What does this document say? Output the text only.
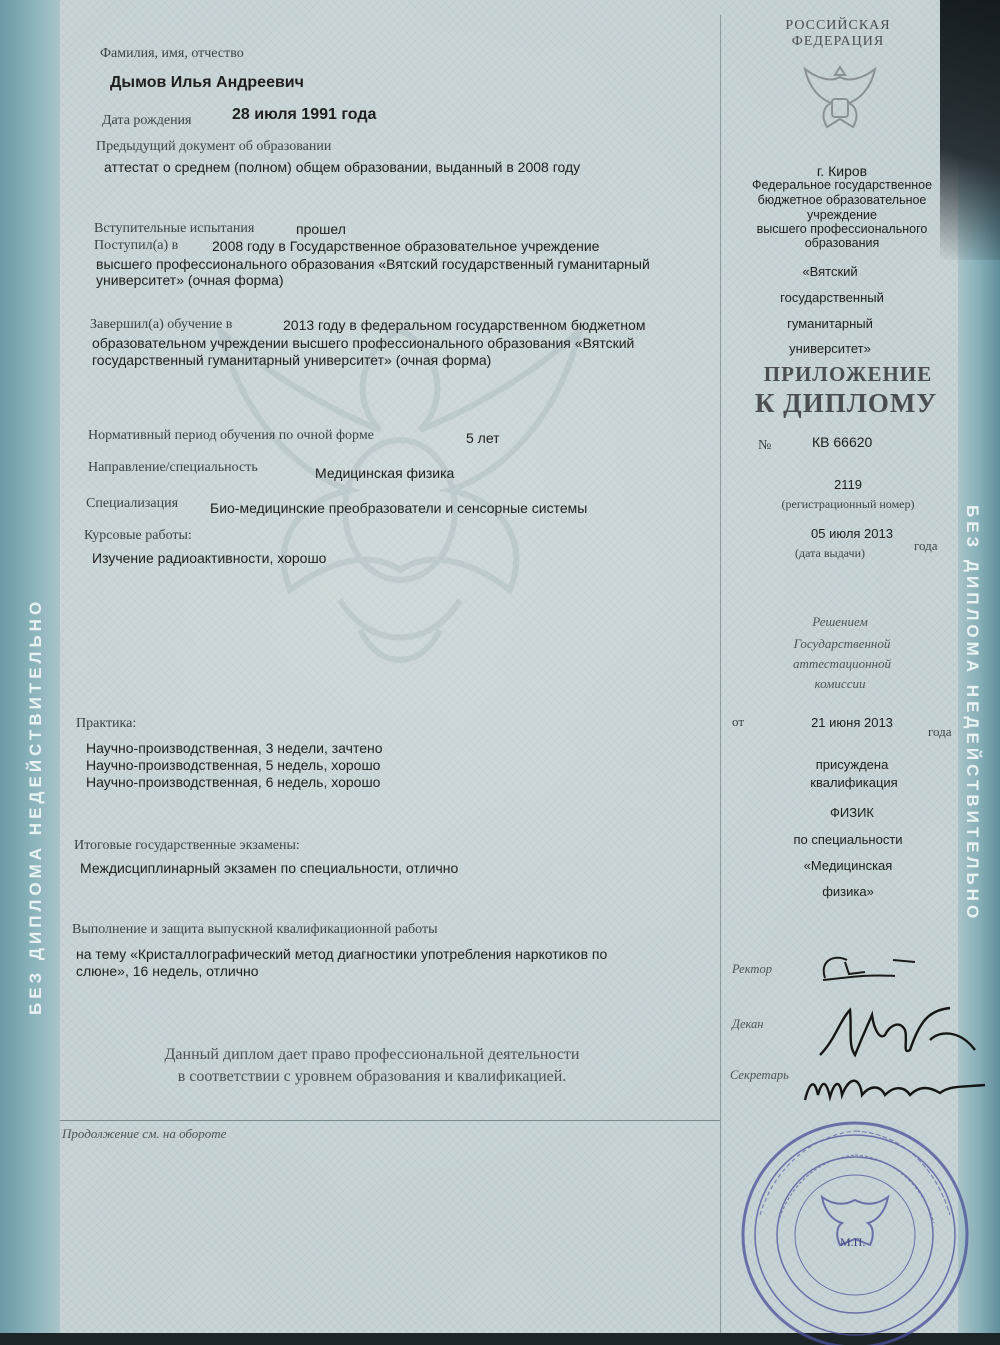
БЕЗ ДИПЛОМА НЕДЕЙСТВИТЕЛЬНО	БЕЗ ДИПЛОМА НЕДЕЙСТВИТЕЛЬНО
Фамилия, имя, отчество
Дымов Илья Андреевич
Дата рождения	28 июля 1991 года
Предыдущий документ об образовании
аттестат о среднем (полном) общем образовании, выданный в 2008 году
Вступительные испытания	прошел
Поступил(а) в 2008 году в Государственное образовательное учреждение
высшего профессионального образования «Вятский государственный гуманитарный
университет» (очная форма)
Завершил(а) обучение в	2013 году в федеральном государственном бюджетном
образовательном учреждении высшего профессионального образования «Вятский
государственный гуманитарный университет» (очная форма)
Нормативный период обучения по очной форме	5 лет
Направление/специальность	Медицинская физика
Специализация Био-медицинские преобразователи и сенсорные системы
Курсовые работы:
Изучение радиоактивности, хорошо
Практика:
Научно-производственная, 3 недели, зачтено
Научно-производственная, 5 недель, хорошо
Научно-производственная, 6 недель, хорошо
Итоговые государственные экзамены:
Междисциплинарный экзамен по специальности, отлично
Выполнение и защита выпускной квалификационной работы
на тему «Кристаллографический метод диагностики употребления наркотиков по
слюне», 16 недель, отлично
Данный диплом дает право профессиональной деятельности
в соответствии с уровнем образования и квалификацией.
Продолжение см. на обороте
РОССИЙСКАЯ
ФЕДЕРАЦИЯ
г. Киров
Федеральное государственное
бюджетное образовательное
учреждение
высшего профессионального
образования
«Вятский
государственный
гуманитарный
университет»
ПРИЛОЖЕНИЕ
К ДИПЛОМУ
№	КВ 66620
2119
(регистрационный номер)
05 июля 2013
года
(дата выдачи)
Решением
Государственной
аттестационной
комиссии
от	21 июня 2013
года
присуждена
квалификация
ФИЗИК
по специальности
«Медицинская
физика»
Ректор
Декан
Секретарь
М.П.
